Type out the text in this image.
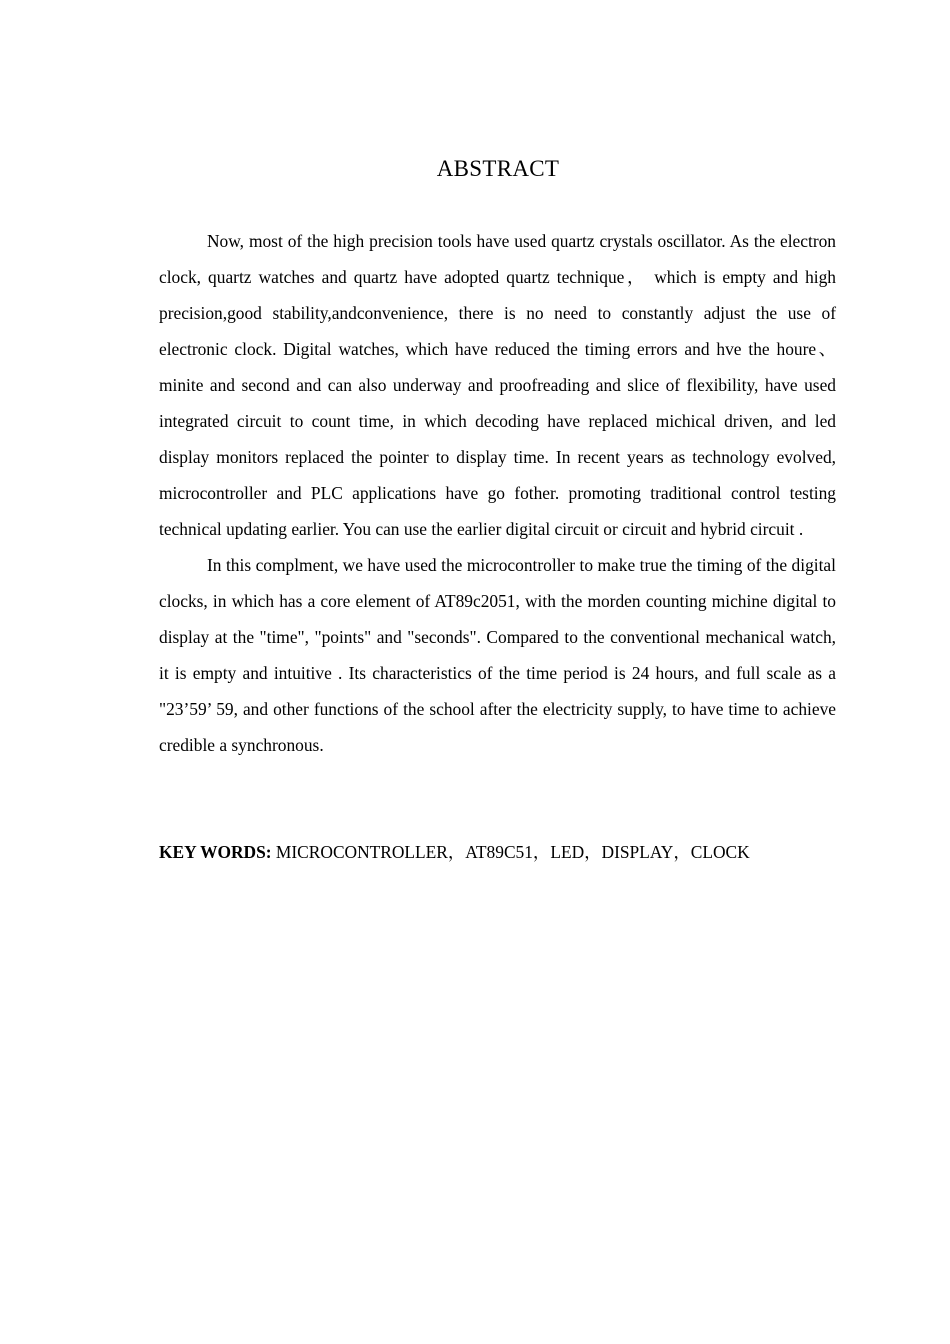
ABSTRACT

Now, most of the high precision tools have used quartz crystals oscillator. As the electron clock, quartz watches and quartz have adopted quartz technique， which is empty and high precision,good stability,andconvenience, there is no need to constantly adjust the use of electronic clock. Digital watches, which have reduced the timing errors and hve the houre、minite and second and can also underway and proofreading and slice of flexibility, have used integrated circuit to count time, in which decoding have replaced michical driven, and led display monitors replaced the pointer to display time. In recent years as technology evolved, microcontroller and PLC applications have go fother. promoting traditional control testing technical updating earlier. You can use the earlier digital circuit or circuit and hybrid circuit .

In this complment, we have used the microcontroller to make true the timing of the digital clocks, in which has a core element of AT89c2051, with the morden counting michine digital to display at the "time", "points" and "seconds". Compared to the conventional mechanical watch, it is empty and intuitive . Its characteristics of the time period is 24 hours, and full scale as a "23’59’ 59, and other functions of the school after the electricity supply, to have time to achieve credible a synchronous.

KEY WORDS: MICROCONTROLLER，AT89C51，LED，DISPLAY，CLOCK
